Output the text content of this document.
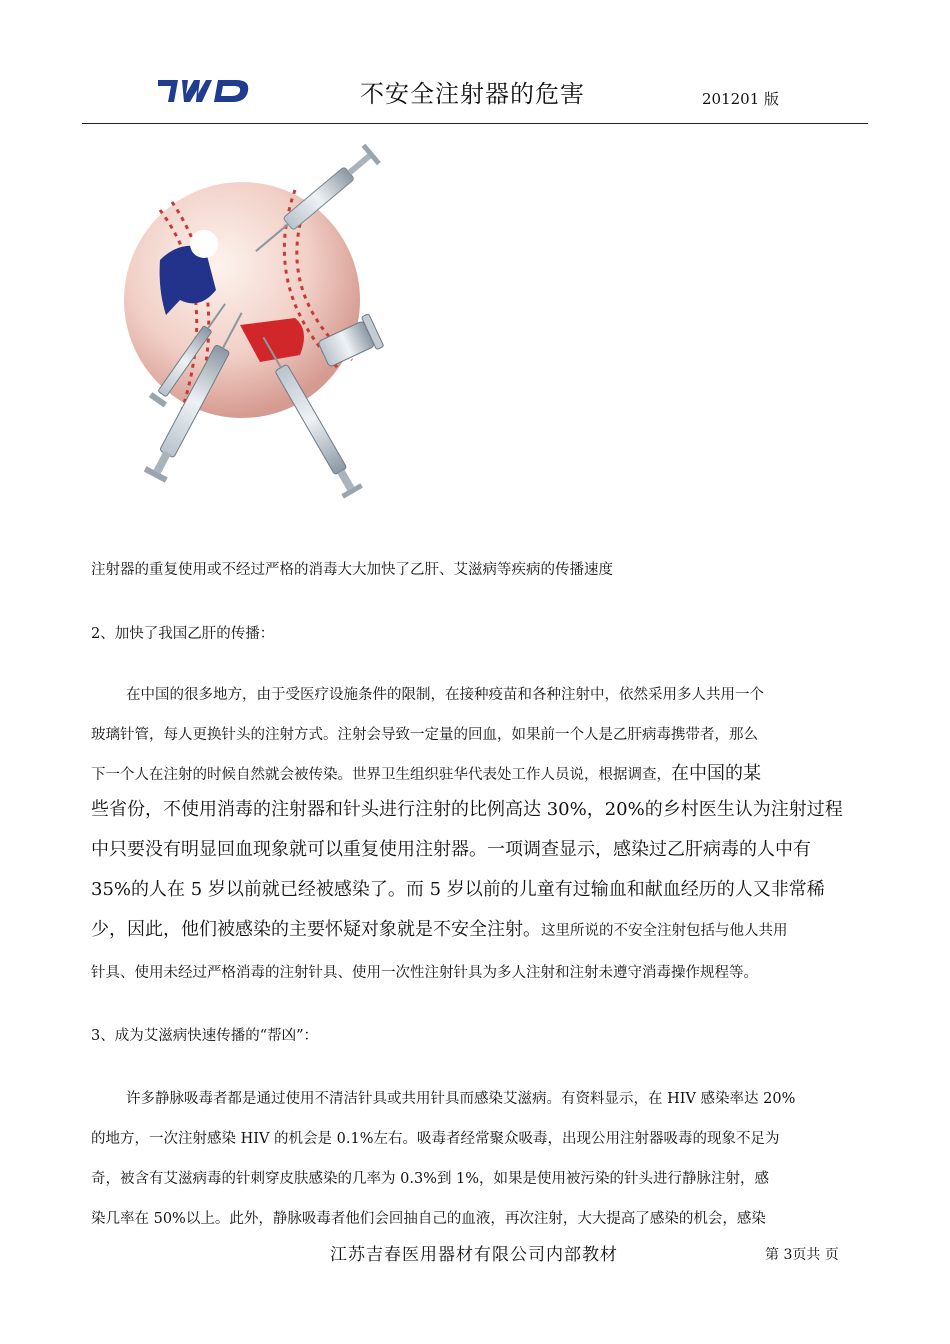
不安全注射器的危害	201201 版
注射器的重复使用或不经过严格的消毒大大加快了乙肝、艾滋病等疾病的传播速度
2、加快了我国乙肝的传播：
在中国的很多地方，由于受医疗设施条件的限制，在接种疫苗和各种注射中，依然采用多人共用一个
玻璃针管，每人更换针头的注射方式。注射会导致一定量的回血，如果前一个人是乙肝病毒携带者，那么
下一个人在注射的时候自然就会被传染。世界卫生组织驻华代表处工作人员说，根据调查，在中国的某
些省份，不使用消毒的注射器和针头进行注射的比例高达 30%，20%的乡村医生认为注射过程
中只要没有明显回血现象就可以重复使用注射器。一项调查显示，感染过乙肝病毒的人中有
35%的人在 5 岁以前就已经被感染了。而 5 岁以前的儿童有过输血和献血经历的人又非常稀
少，因此，他们被感染的主要怀疑对象就是不安全注射。这里所说的不安全注射包括与他人共用
针具、使用未经过严格消毒的注射针具、使用一次性注射针具为多人注射和注射未遵守消毒操作规程等。
3、成为艾滋病快速传播的“帮凶”：
许多静脉吸毒者都是通过使用不清洁针具或共用针具而感染艾滋病。有资料显示，在 HIV 感染率达 20%
的地方，一次注射感染 HIV 的机会是 0.1%左右。吸毒者经常聚众吸毒，出现公用注射器吸毒的现象不足为
奇，被含有艾滋病毒的针刺穿皮肤感染的几率为 0.3%到 1%，如果是使用被污染的针头进行静脉注射，感
染几率在 50%以上。此外，静脉吸毒者他们会回抽自己的血液，再次注射，大大提高了感染的机会，感染
江苏吉春医用器材有限公司内部教材	第 3页共 页
